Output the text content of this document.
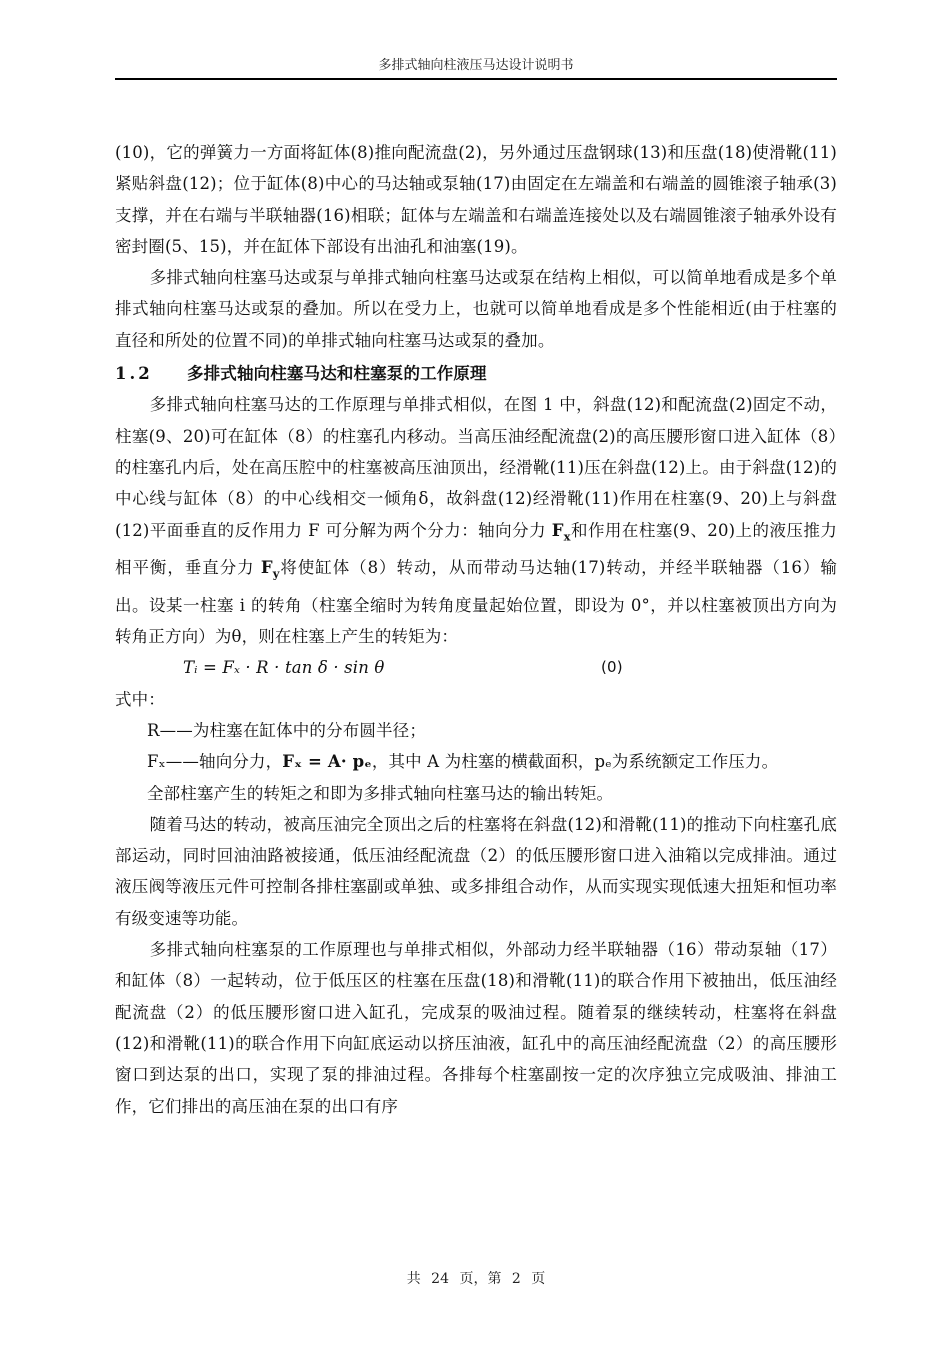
多排式轴向柱液压马达设计说明书

(10)，它的弹簧力一方面将缸体(8)推向配流盘(2)，另外通过压盘钢球(13)和压盘(18)使滑靴(11)紧贴斜盘(12)；位于缸体(8)中心的马达轴或泵轴(17)由固定在左端盖和右端盖的圆锥滚子轴承(3)支撑，并在右端与半联轴器(16)相联；缸体与左端盖和右端盖连接处以及右端圆锥滚子轴承外设有密封圈(5、15)，并在缸体下部设有出油孔和油塞(19)。

多排式轴向柱塞马达或泵与单排式轴向柱塞马达或泵在结构上相似，可以简单地看成是多个单排式轴向柱塞马达或泵的叠加。所以在受力上，也就可以简单地看成是多个性能相近(由于柱塞的直径和所处的位置不同)的单排式轴向柱塞马达或泵的叠加。

1.2 多排式轴向柱塞马达和柱塞泵的工作原理

多排式轴向柱塞马达的工作原理与单排式相似，在图 1 中，斜盘(12)和配流盘(2)固定不动，柱塞(9、20)可在缸体（8）的柱塞孔内移动。当高压油经配流盘(2)的高压腰形窗口进入缸体（8）的柱塞孔内后，处在高压腔中的柱塞被高压油顶出，经滑靴(11)压在斜盘(12)上。由于斜盘(12)的中心线与缸体（8）的中心线相交一倾角δ，故斜盘(12)经滑靴(11)作用在柱塞(9、20)上与斜盘(12)平面垂直的反作用力 F 可分解为两个分力：轴向分力 $F_x$和作用在柱塞(9、20)上的液压推力相平衡，垂直分力 $F_y$将使缸体（8）转动，从而带动马达轴(17)转动，并经半联轴器（16）输出。设某一柱塞 i 的转角（柱塞全缩时为转角度量起始位置，即设为 0°，并以柱塞被顶出方向为转角正方向）为θ，则在柱塞上产生的转矩为：

Tᵢ = Fₓ · R · tan δ · sin θ	(0)

式中：

R——为柱塞在缸体中的分布圆半径；

Fₓ——轴向分力，Fₓ = A· pₑ，其中 A 为柱塞的横截面积，pₑ为系统额定工作压力。

全部柱塞产生的转矩之和即为多排式轴向柱塞马达的输出转矩。

随着马达的转动，被高压油完全顶出之后的柱塞将在斜盘(12)和滑靴(11)的推动下向柱塞孔底部运动，同时回油油路被接通，低压油经配流盘（2）的低压腰形窗口进入油箱以完成排油。通过液压阀等液压元件可控制各排柱塞副或单独、或多排组合动作，从而实现实现低速大扭矩和恒功率有级变速等功能。

多排式轴向柱塞泵的工作原理也与单排式相似，外部动力经半联轴器（16）带动泵轴（17）和缸体（8）一起转动，位于低压区的柱塞在压盘(18)和滑靴(11)的联合作用下被抽出，低压油经配流盘（2）的低压腰形窗口进入缸孔，完成泵的吸油过程。随着泵的继续转动，柱塞将在斜盘(12)和滑靴(11)的联合作用下向缸底运动以挤压油液，缸孔中的高压油经配流盘（2）的高压腰形窗口到达泵的出口，实现了泵的排油过程。各排每个柱塞副按一定的次序独立完成吸油、排油工作，它们排出的高压油在泵的出口有序

共 24 页，第 2 页
